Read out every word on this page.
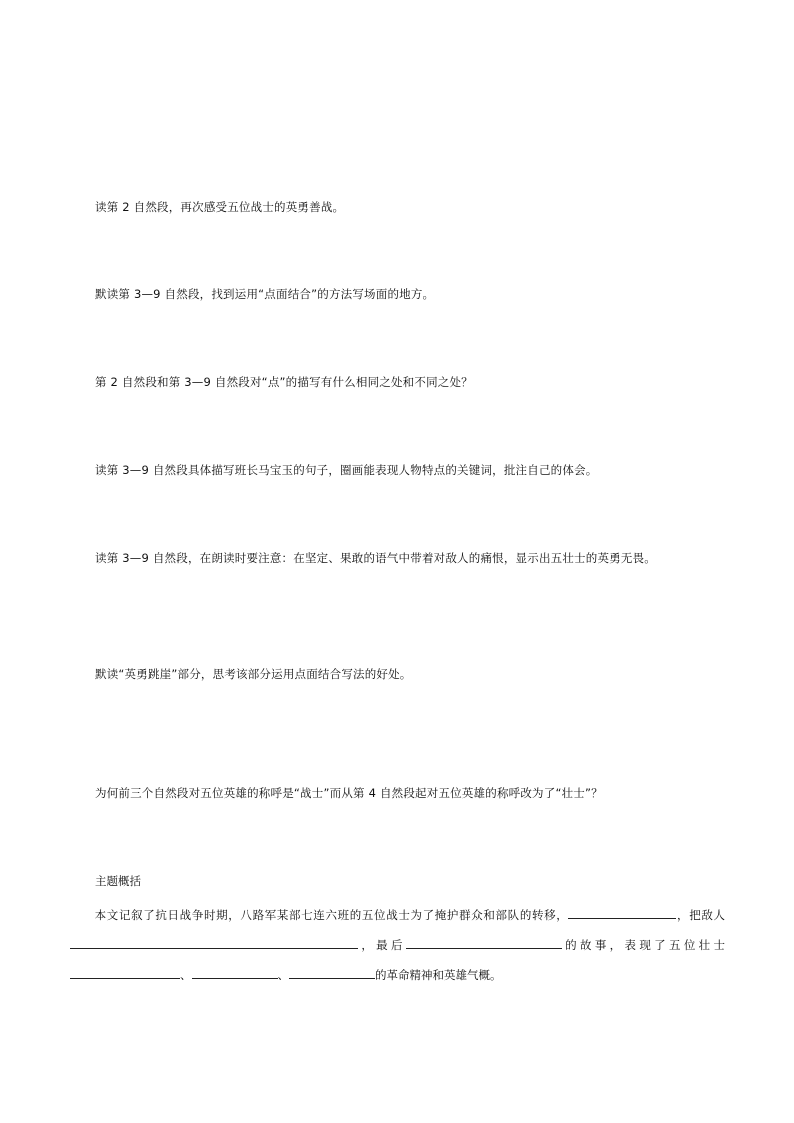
读第 2 自然段，再次感受五位战士的英勇善战。
默读第 3—9 自然段，找到运用“点面结合”的方法写场面的地方。
第 2 自然段和第 3—9 自然段对“点”的描写有什么相同之处和不同之处？
读第 3—9 自然段具体描写班长马宝玉的句子，圈画能表现人物特点的关键词，批注自己的体会。
读第 3—9 自然段，在朗读时要注意：在坚定、果敢的语气中带着对敌人的痛恨，显示出五壮士的英勇无畏。
默读“英勇跳崖”部分，思考该部分运用点面结合写法的好处。
为何前三个自然段对五位英雄的称呼是“战士”而从第 4 自然段起对五位英雄的称呼改为了“壮士”？
主题概括
本文记叙了抗日战争时期，八路军某部七连六班的五位战士为了掩护群众和部队的转移，	，把敌人，最后	的故事，表现了五位壮士、	、	的革命精神和英雄气概。
